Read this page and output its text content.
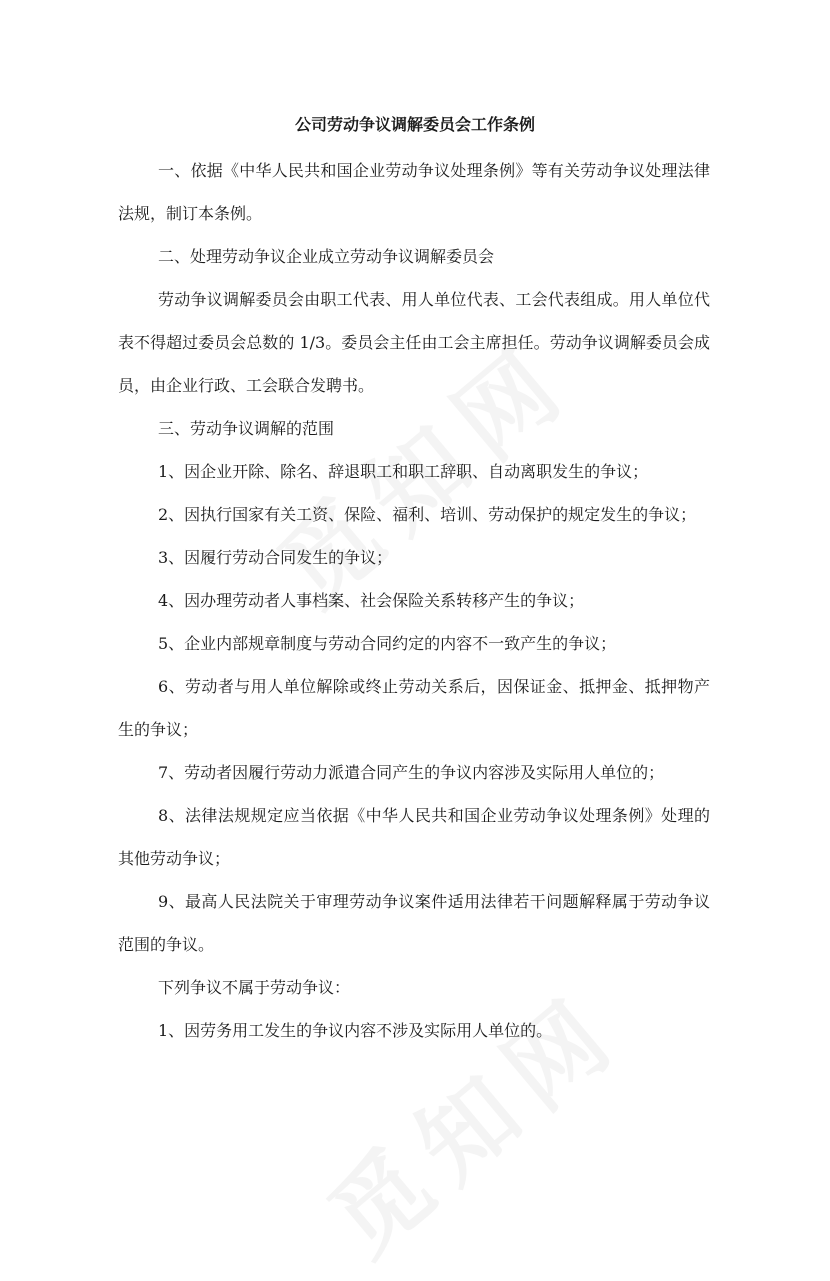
公司劳动争议调解委员会工作条例

一、依据《中华人民共和国企业劳动争议处理条例》等有关劳动争议处理法律法规，制订本条例。

二、处理劳动争议企业成立劳动争议调解委员会

劳动争议调解委员会由职工代表、用人单位代表、工会代表组成。用人单位代表不得超过委员会总数的 1/3。委员会主任由工会主席担任。劳动争议调解委员会成员，由企业行政、工会联合发聘书。

三、劳动争议调解的范围

1、因企业开除、除名、辞退职工和职工辞职、自动离职发生的争议；

2、因执行国家有关工资、保险、福利、培训、劳动保护的规定发生的争议；

3、因履行劳动合同发生的争议；

4、因办理劳动者人事档案、社会保险关系转移产生的争议；

5、企业内部规章制度与劳动合同约定的内容不一致产生的争议；

6、劳动者与用人单位解除或终止劳动关系后，因保证金、抵押金、抵押物产生的争议；

7、劳动者因履行劳动力派遣合同产生的争议内容涉及实际用人单位的；

8、法律法规规定应当依据《中华人民共和国企业劳动争议处理条例》处理的其他劳动争议；

9、最高人民法院关于审理劳动争议案件适用法律若干问题解释属于劳动争议范围的争议。

下列争议不属于劳动争议：

1、因劳务用工发生的争议内容不涉及实际用人单位的。
